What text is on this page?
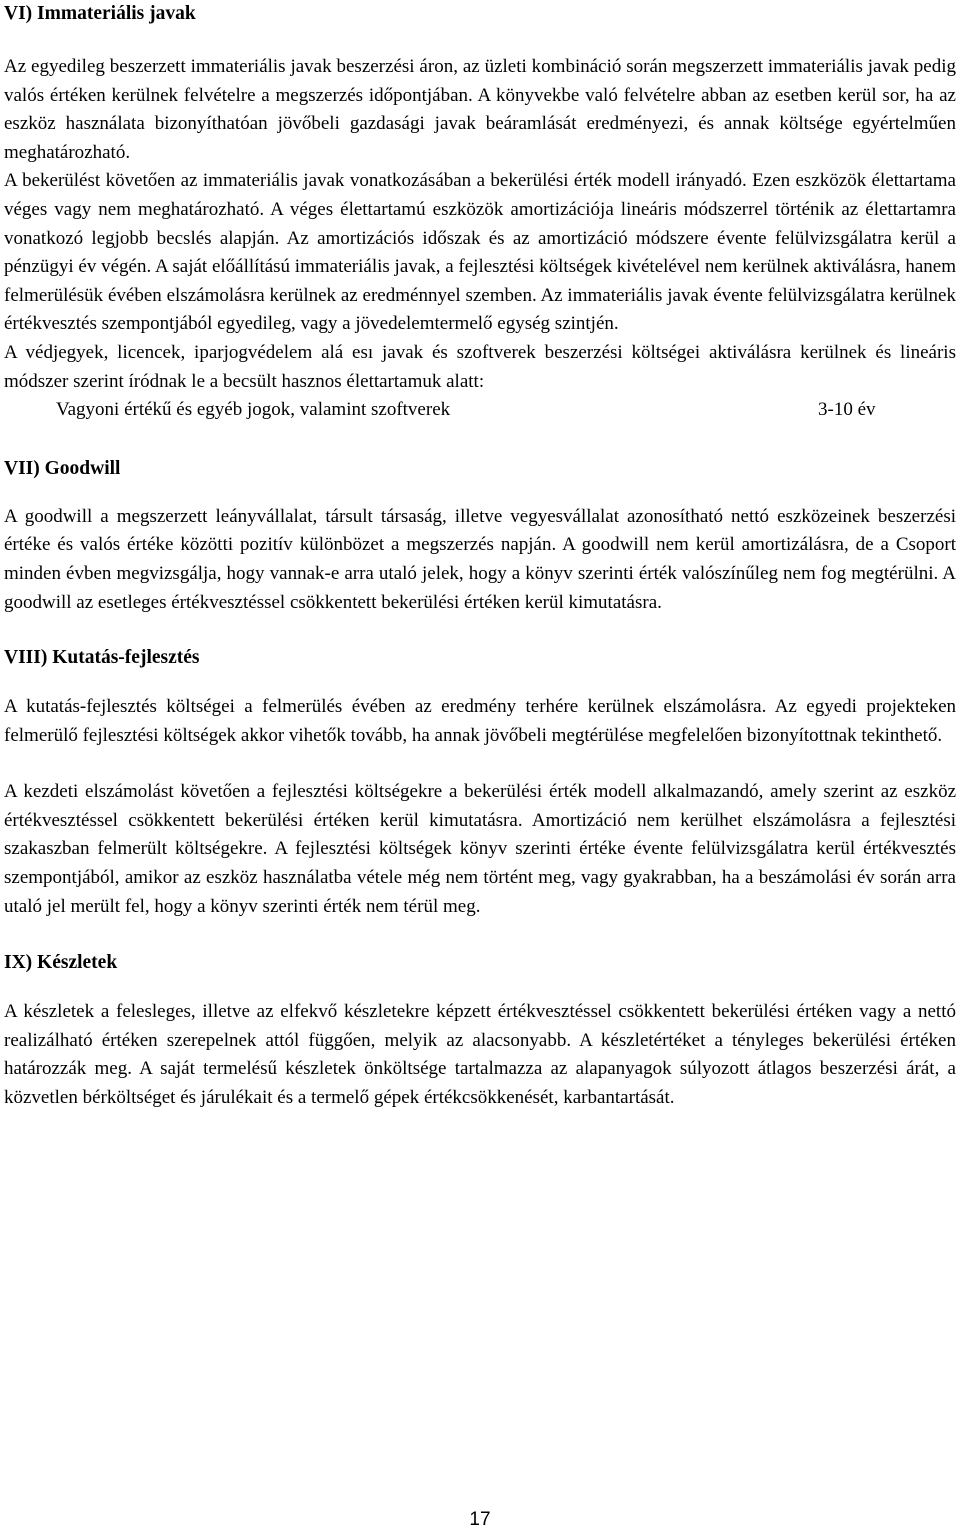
VI) Immateriális javak

Az egyedileg beszerzett immateriális javak beszerzési áron, az üzleti kombináció során megszerzett immateriális javak pedig valós értéken kerülnek felvételre a megszerzés időpontjában. A könyvekbe való felvételre abban az esetben kerül sor, ha az eszköz használata bizonyíthatóan jövőbeli gazdasági javak beáramlását eredményezi, és annak költsége egyértelműen meghatározható.

A bekerülést követően az immateriális javak vonatkozásában a bekerülési érték modell irányadó. Ezen eszközök élettartama véges vagy nem meghatározható. A véges élettartamú eszközök amortizációja lineáris módszerrel történik az élettartamra vonatkozó legjobb becslés alapján. Az amortizációs időszak és az amortizáció módszere évente felülvizsgálatra kerül a pénzügyi év végén. A saját előállítású immateriális javak, a fejlesztési költségek kivételével nem kerülnek aktiválásra, hanem felmerülésük évében elszámolásra kerülnek az eredménnyel szemben. Az immateriális javak évente felülvizsgálatra kerülnek értékvesztés szempontjából egyedileg, vagy a jövedelemtermelő egység szintjén.

A védjegyek, licencek, iparjogvédelem alá esı javak és szoftverek beszerzési költségei aktiválásra kerülnek és lineáris módszer szerint íródnak le a becsült hasznos élettartamuk alatt:

Vagyoni értékű és egyéb jogok, valamint szoftverek	3-10 év
VII) Goodwill

A goodwill a megszerzett leányvállalat, társult társaság, illetve vegyesvállalat azonosítható nettó eszközeinek beszerzési értéke és valós értéke közötti pozitív különbözet a megszerzés napján. A goodwill nem kerül amortizálásra, de a Csoport minden évben megvizsgálja, hogy vannak-e arra utaló jelek, hogy a könyv szerinti érték valószínűleg nem fog megtérülni. A goodwill az esetleges értékvesztéssel csökkentett bekerülési értéken kerül kimutatásra.

VIII) Kutatás-fejlesztés

A kutatás-fejlesztés költségei a felmerülés évében az eredmény terhére kerülnek elszámolásra. Az egyedi projekteken felmerülő fejlesztési költségek akkor vihetők tovább, ha annak jövőbeli megtérülése megfelelően bizonyítottnak tekinthető.

A kezdeti elszámolást követően a fejlesztési költségekre a bekerülési érték modell alkalmazandó, amely szerint az eszköz értékvesztéssel csökkentett bekerülési értéken kerül kimutatásra. Amortizáció nem kerülhet elszámolásra a fejlesztési szakaszban felmerült költségekre. A fejlesztési költségek könyv szerinti értéke évente felülvizsgálatra kerül értékvesztés szempontjából, amikor az eszköz használatba vétele még nem történt meg, vagy gyakrabban, ha a beszámolási év során arra utaló jel merült fel, hogy a könyv szerinti érték nem térül meg.

IX) Készletek

A készletek a felesleges, illetve az elfekvő készletekre képzett értékvesztéssel csökkentett bekerülési értéken vagy a nettó realizálható értéken szerepelnek attól függően, melyik az alacsonyabb. A készletértéket a tényleges bekerülési értéken határozzák meg. A saját termelésű készletek önköltsége tartalmazza az alapanyagok súlyozott átlagos beszerzési árát, a közvetlen bérköltséget és járulékait és a termelő gépek értékcsökkenését, karbantartását.

17
